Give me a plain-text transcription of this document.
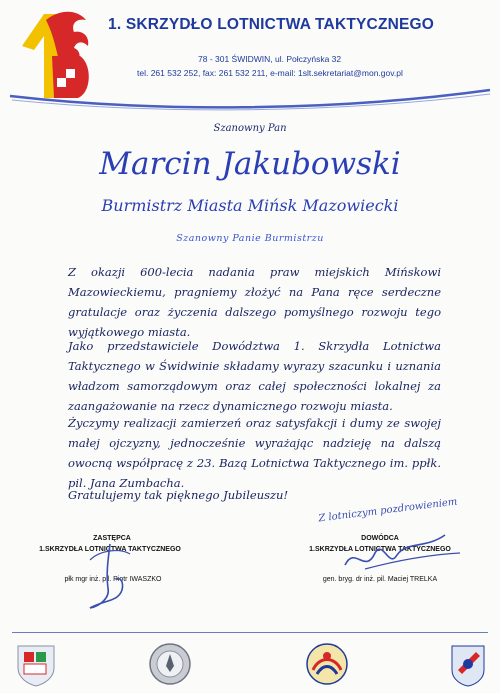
1. SKRZYDŁO LOTNICTWA TAKTYCZNEGO
78 - 301 ŚWIDWIN, ul. Połczyńska 32
tel. 261 532 252, fax: 261 532 211, e-mail: 1slt.sekretariat@mon.gov.pl
Szanowny Pan
Marcin Jakubowski
Burmistrz Miasta Mińsk Mazowiecki
Szanowny Panie Burmistrzu
Z okazji 600-lecia nadania praw miejskich Mińskowi Mazowieckiemu, pragniemy złożyć na Pana ręce serdeczne gratulacje oraz życzenia dalszego pomyślnego rozwoju tego wyjątkowego miasta.
Jako przedstawiciele Dowództwa 1. Skrzydła Lotnictwa Taktycznego w Świdwinie składamy wyrazy szacunku i uznania władzom samorządowym oraz całej społeczności lokalnej za zaangażowanie na rzecz dynamicznego rozwoju miasta.
Życzymy realizacji zamierzeń oraz satysfakcji i dumy ze swojej małej ojczyzny, jednocześnie wyrażając nadzieję na dalszą owocną współpracę z 23. Bazą Lotnictwa Taktycznego im. ppłk. pil. Jana Zumbacha.
Gratulujemy tak pięknego Jubileuszu!
Z lotniczym pozdrowieniem
ZASTĘPCA
1.SKRZYDŁA LOTNICTWA TAKTYCZNEGO
płk mgr inż. pil. Piotr IWASZKO
DOWÓDCA
1.SKRZYDŁA LOTNICTWA TAKTYCZNEGO
gen. bryg. dr inż. pil. Maciej TRELKA
